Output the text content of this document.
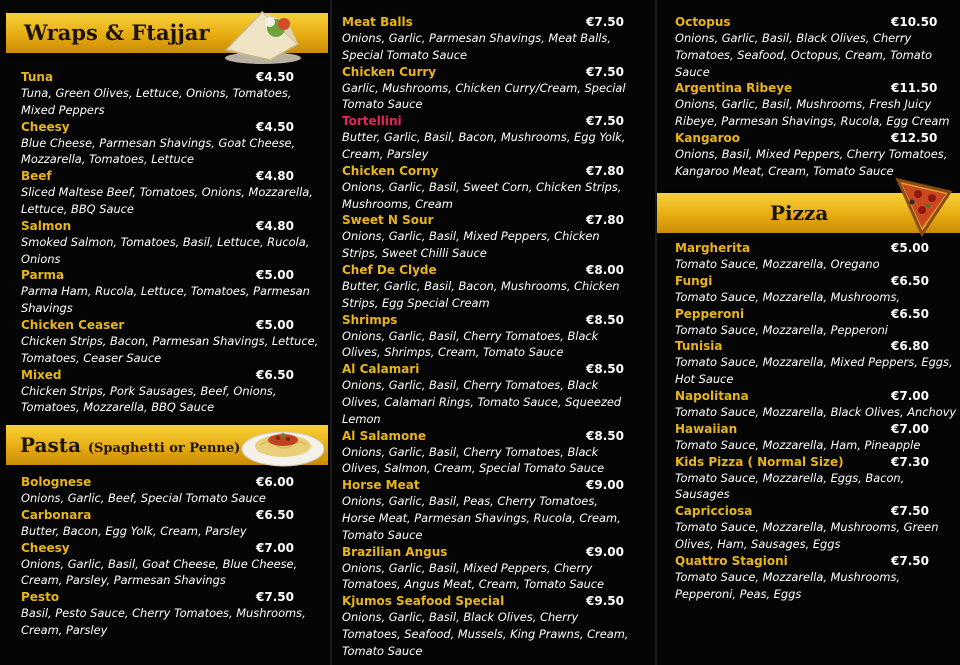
Wraps & Ftajjar
Tuna	€4.50
Tuna, Green Olives, Lettuce, Onions, Tomatoes, Mixed Peppers
Cheesy	€4.50
Blue Cheese, Parmesan Shavings, Goat Cheese, Mozzarella, Tomatoes, Lettuce
Beef	€4.80
Sliced Maltese Beef, Tomatoes, Onions, Mozzarella, Lettuce, BBQ Sauce
Salmon	€4.80
Smoked Salmon, Tomatoes, Basil, Lettuce, Rucola, Onions
Parma	€5.00
Parma Ham, Rucola, Lettuce, Tomatoes, Parmesan Shavings
Chicken Ceaser	€5.00
Chicken Strips, Bacon, Parmesan Shavings, Lettuce, Tomatoes, Ceaser Sauce
Mixed	€6.50
Chicken Strips, Pork Sausages, Beef, Onions, Tomatoes, Mozzarella, BBQ Sauce
Pasta (Spaghetti or Penne)
Bolognese	€6.00
Onions, Garlic, Beef, Special Tomato Sauce
Carbonara	€6.50
Butter, Bacon, Egg Yolk, Cream, Parsley
Cheesy	€7.00
Onions, Garlic, Basil, Goat Cheese, Blue Cheese, Cream, Parsley, Parmesan Shavings
Pesto	€7.50
Basil, Pesto Sauce, Cherry Tomatoes, Mushrooms, Cream, Parsley
Meat Balls	€7.50
Onions, Garlic, Parmesan Shavings, Meat Balls, Special Tomato Sauce
Chicken Curry	€7.50
Garlic, Mushrooms, Chicken Curry/Cream, Special Tomato Sauce
Tortellini	€7.50
Butter, Garlic, Basil, Bacon, Mushrooms, Egg Yolk, Cream, Parsley
Chicken Corny	€7.80
Onions, Garlic, Basil, Sweet Corn, Chicken Strips, Mushrooms, Cream
Sweet N Sour	€7.80
Onions, Garlic, Basil, Mixed Peppers, Chicken Strips, Sweet Chilli Sauce
Chef De Clyde	€8.00
Butter, Garlic, Basil, Bacon, Mushrooms, Chicken Strips, Egg Special Cream
Shrimps	€8.50
Onions, Garlic, Basil, Cherry Tomatoes, Black Olives, Shrimps, Cream, Tomato Sauce
Al Calamari	€8.50
Onions, Garlic, Basil, Cherry Tomatoes, Black Olives, Calamari Rings, Tomato Sauce, Squeezed Lemon
Al Salamone	€8.50
Onions, Garlic, Basil, Cherry Tomatoes, Black Olives, Salmon, Cream, Special Tomato Sauce
Horse Meat	€9.00
Onions, Garlic, Basil, Peas, Cherry Tomatoes, Horse Meat, Parmesan Shavings, Rucola, Cream, Tomato Sauce
Brazilian Angus	€9.00
Onions, Garlic, Basil, Mixed Peppers, Cherry Tomatoes, Angus Meat, Cream, Tomato Sauce
Kjumos Seafood Special	€9.50
Onions, Garlic, Basil, Black Olives, Cherry Tomatoes, Seafood, Mussels, King Prawns, Cream, Tomato Sauce
Octopus	€10.50
Onions, Garlic, Basil, Black Olives, Cherry Tomatoes, Seafood, Octopus, Cream, Tomato Sauce
Argentina Ribeye	€11.50
Onions, Garlic, Basil, Mushrooms, Fresh Juicy Ribeye, Parmesan Shavings, Rucola, Egg Cream
Kangaroo	€12.50
Onions, Basil, Mixed Peppers, Cherry Tomatoes, Kangaroo Meat, Cream, Tomato Sauce
Pizza
Margherita	€5.00
Tomato Sauce, Mozzarella, Oregano
Fungi	€6.50
Tomato Sauce, Mozzarella, Mushrooms,
Pepperoni	€6.50
Tomato Sauce, Mozzarella, Pepperoni
Tunisia	€6.80
Tomato Sauce, Mozzarella, Mixed Peppers, Eggs, Hot Sauce
Napolitana	€7.00
Tomato Sauce, Mozzarella, Black Olives, Anchovy
Hawaiian	€7.00
Tomato Sauce, Mozzarella, Ham, Pineapple
Kids Pizza ( Normal Size)	€7.30
Tomato Sauce, Mozzarella, Eggs, Bacon, Sausages
Capricciosa	€7.50
Tomato Sauce, Mozzarella, Mushrooms, Green Olives, Ham, Sausages, Eggs
Quattro Stagioni	€7.50
Tomato Sauce, Mozzarella, Mushrooms, Pepperoni, Peas, Eggs
